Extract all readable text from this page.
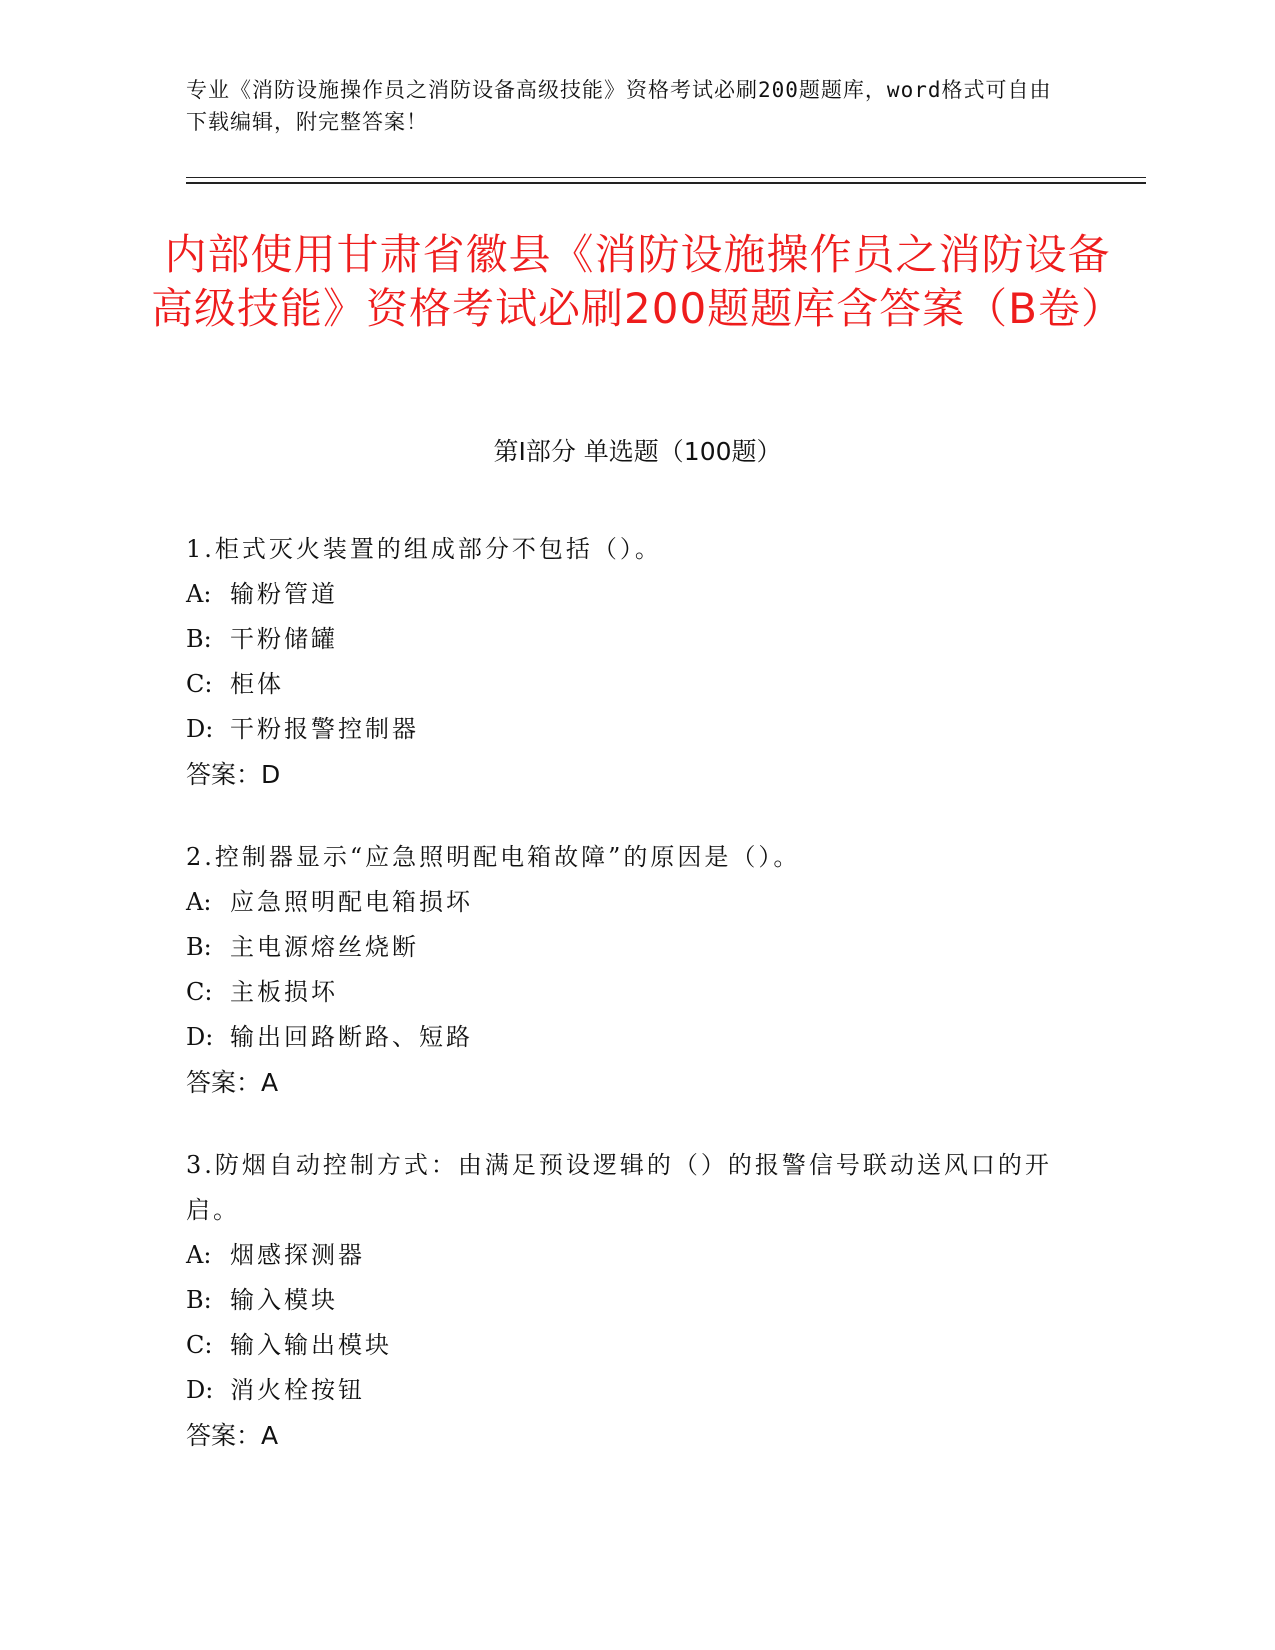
专业《消防设施操作员之消防设备高级技能》资格考试必刷200题题库，word格式可自由下载编辑，附完整答案！
内部使用甘肃省徽县《消防设施操作员之消防设备高级技能》资格考试必刷200题题库含答案（B卷）
第I部分 单选题（100题）
1.柜式灭火装置的组成部分不包括（）。
A: 输粉管道
B: 干粉储罐
C: 柜体
D: 干粉报警控制器
答案：D
2.控制器显示“应急照明配电箱故障”的原因是（）。
A: 应急照明配电箱损坏
B: 主电源熔丝烧断
C: 主板损坏
D: 输出回路断路、短路
答案：A
3.防烟自动控制方式：由满足预设逻辑的（）的报警信号联动送风口的开启。
A: 烟感探测器
B: 输入模块
C: 输入输出模块
D: 消火栓按钮
答案：A
